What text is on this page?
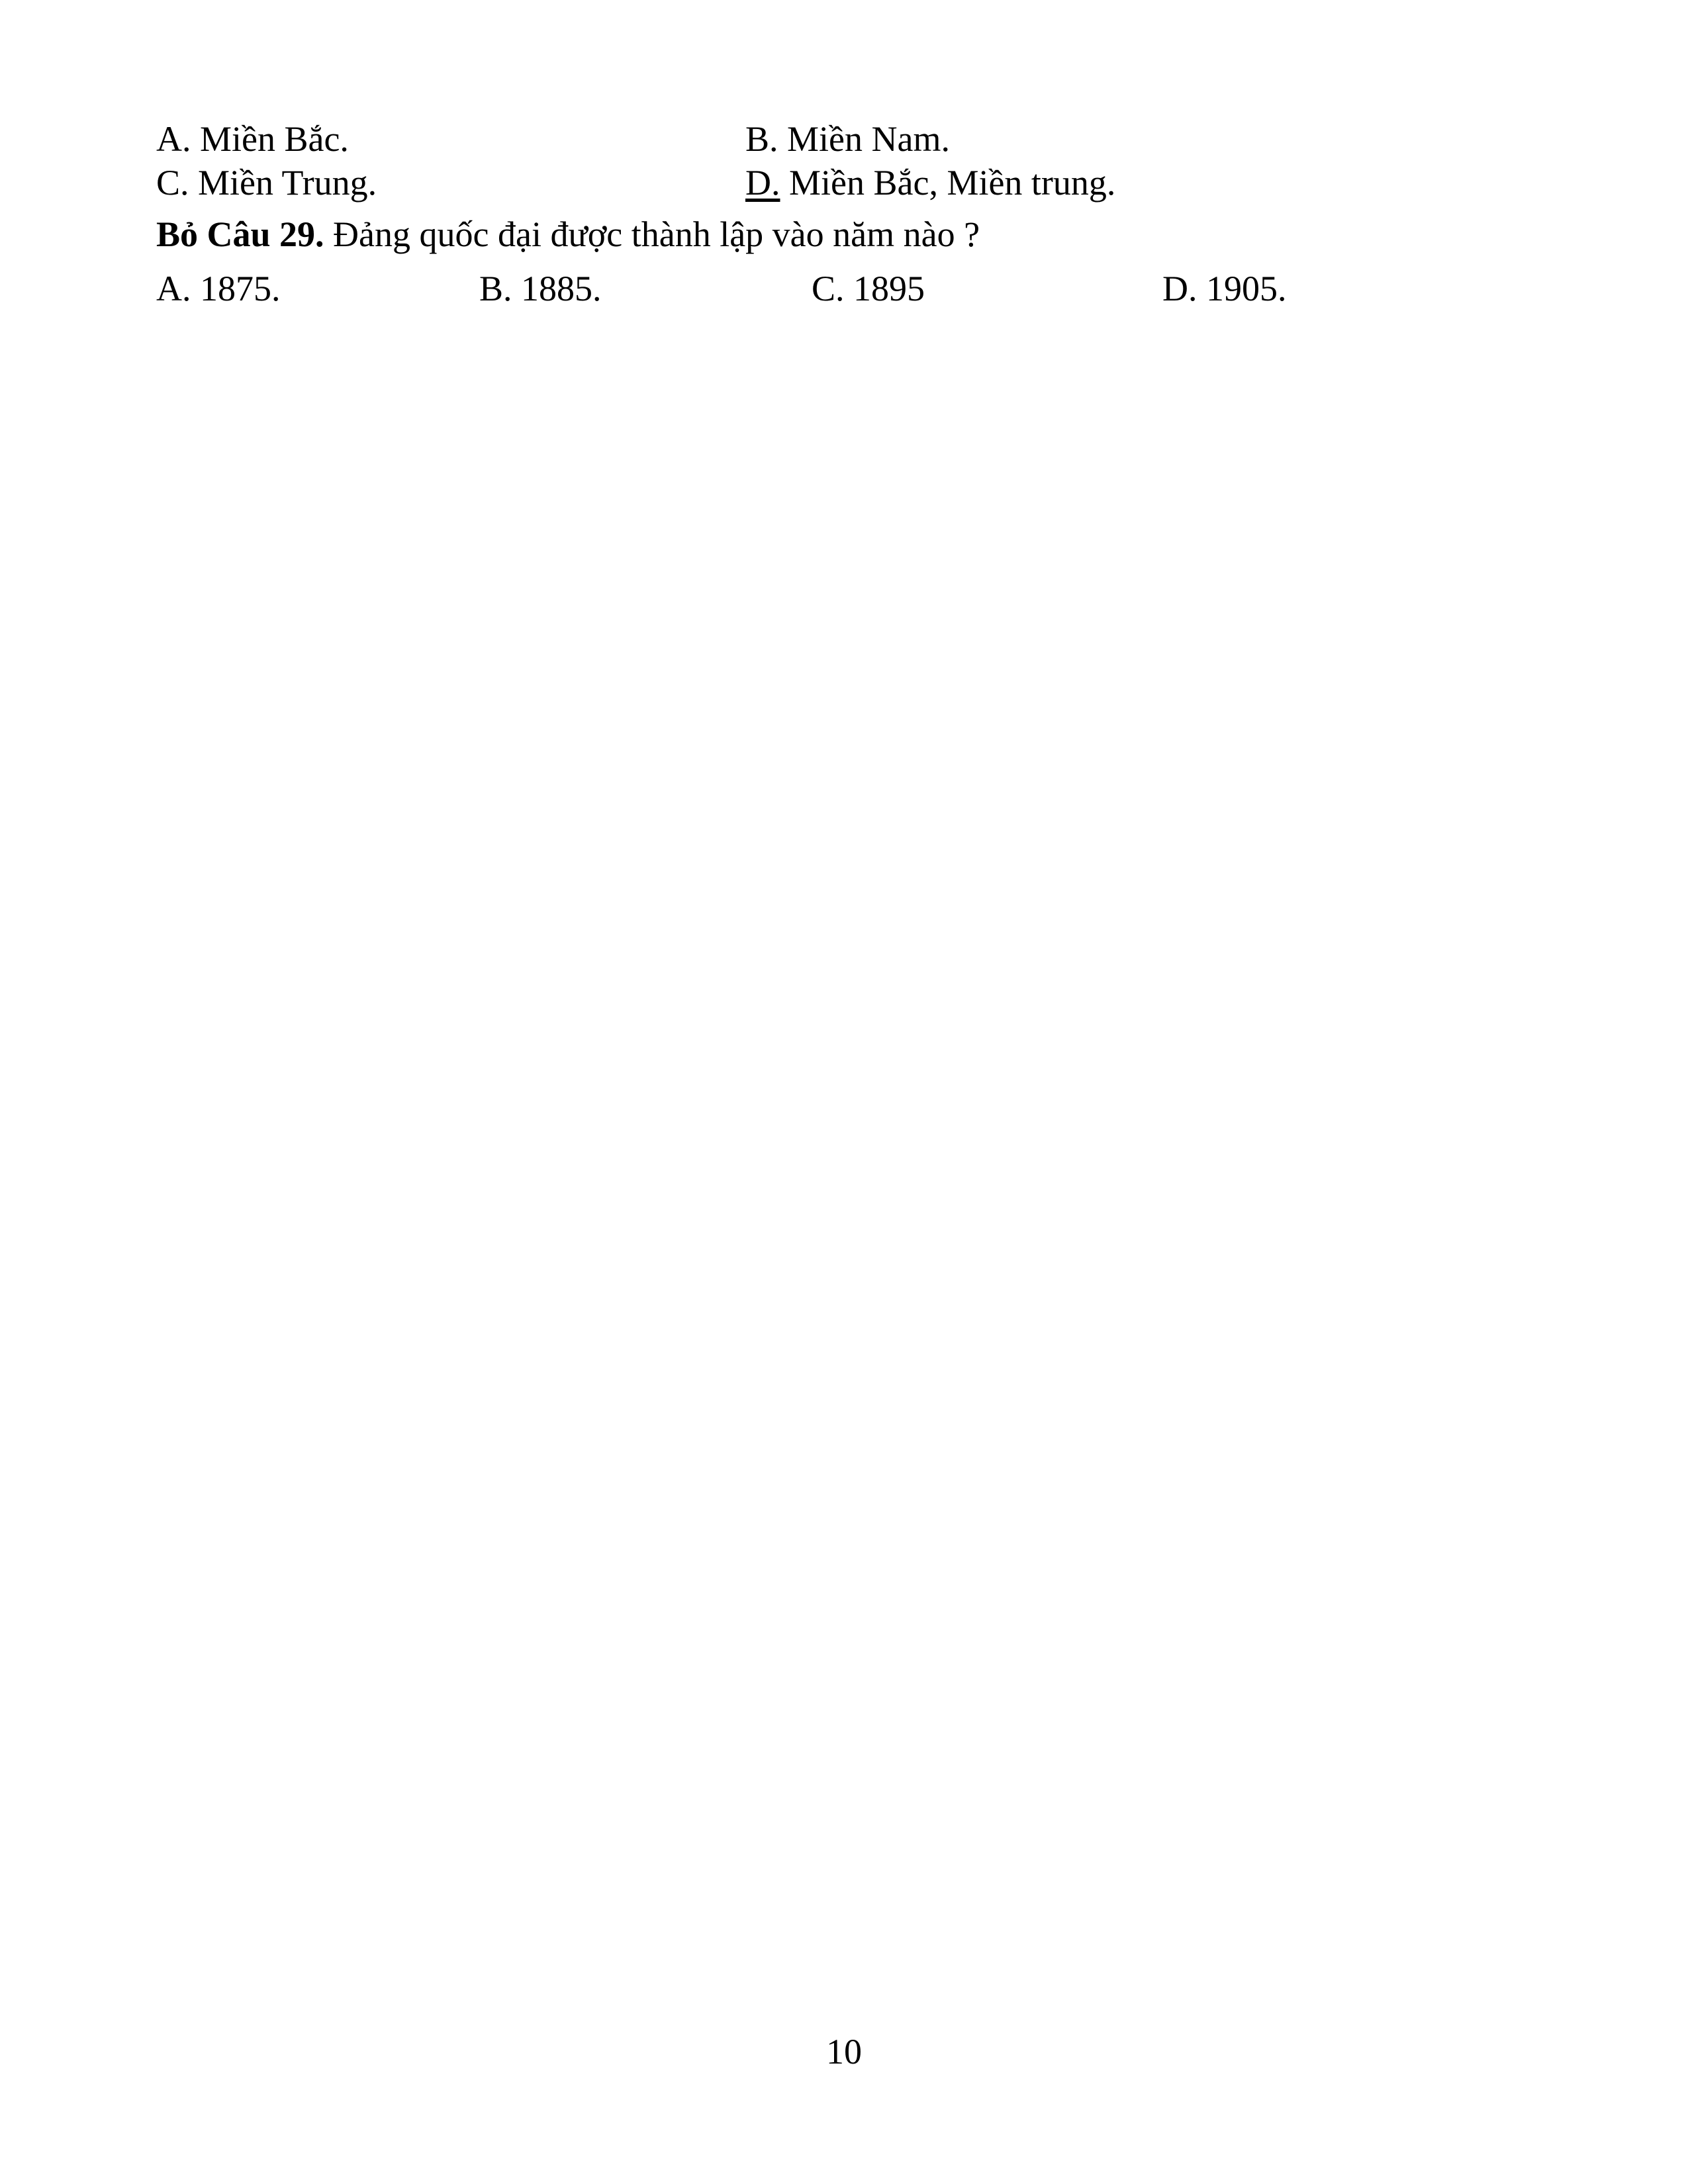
A. Miền Bắc.	B. Miền Nam.
C. Miền Trung.	D. Miền Bắc, Miền trung.
Bỏ Câu 29. Đảng quốc đại được thành lập vào năm nào ?
A. 1875.	B. 1885.	C. 1895	D. 1905.
10
